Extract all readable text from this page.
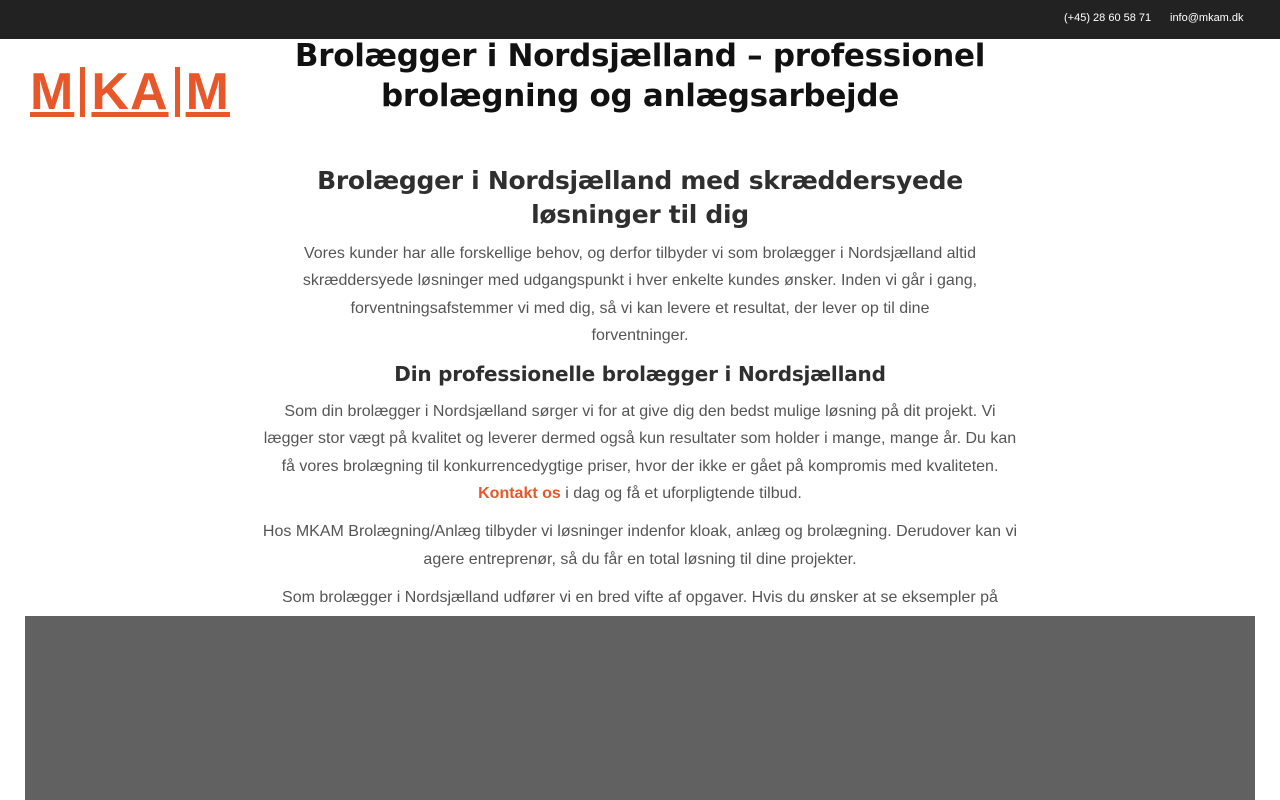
(+45) 28 60 58 71 info@mkam.dk
M KA M
Brolægger i Nordsjælland – professionel brolægning og anlægsarbejde
Brolægger i Nordsjælland med skræddersyede løsninger til dig

Vores kunder har alle forskellige behov, og derfor tilbyder vi som brolægger i Nordsjælland altid skræddersyede løsninger med udgangspunkt i hver enkelte kundes ønsker. Inden vi går i gang, forventningsafstemmer vi med dig, så vi kan levere et resultat, der lever op til dine forventninger.

Din professionelle brolægger i Nordsjælland

Som din brolægger i Nordsjælland sørger vi for at give dig den bedst mulige løsning på dit projekt. Vi lægger stor vægt på kvalitet og leverer dermed også kun resultater som holder i mange, mange år. Du kan få vores brolægning til konkurrencedygtige priser, hvor der ikke er gået på kompromis med kvaliteten. Kontakt os i dag og få et uforpligtende tilbud.

Hos MKAM Brolægning/Anlæg tilbyder vi løsninger indenfor kloak, anlæg og brolægning. Derudover kan vi agere entreprenør, så du får en total løsning til dine projekter.

Som brolægger i Nordsjælland udfører vi en bred vifte af opgaver. Hvis du ønsker at se eksempler på
